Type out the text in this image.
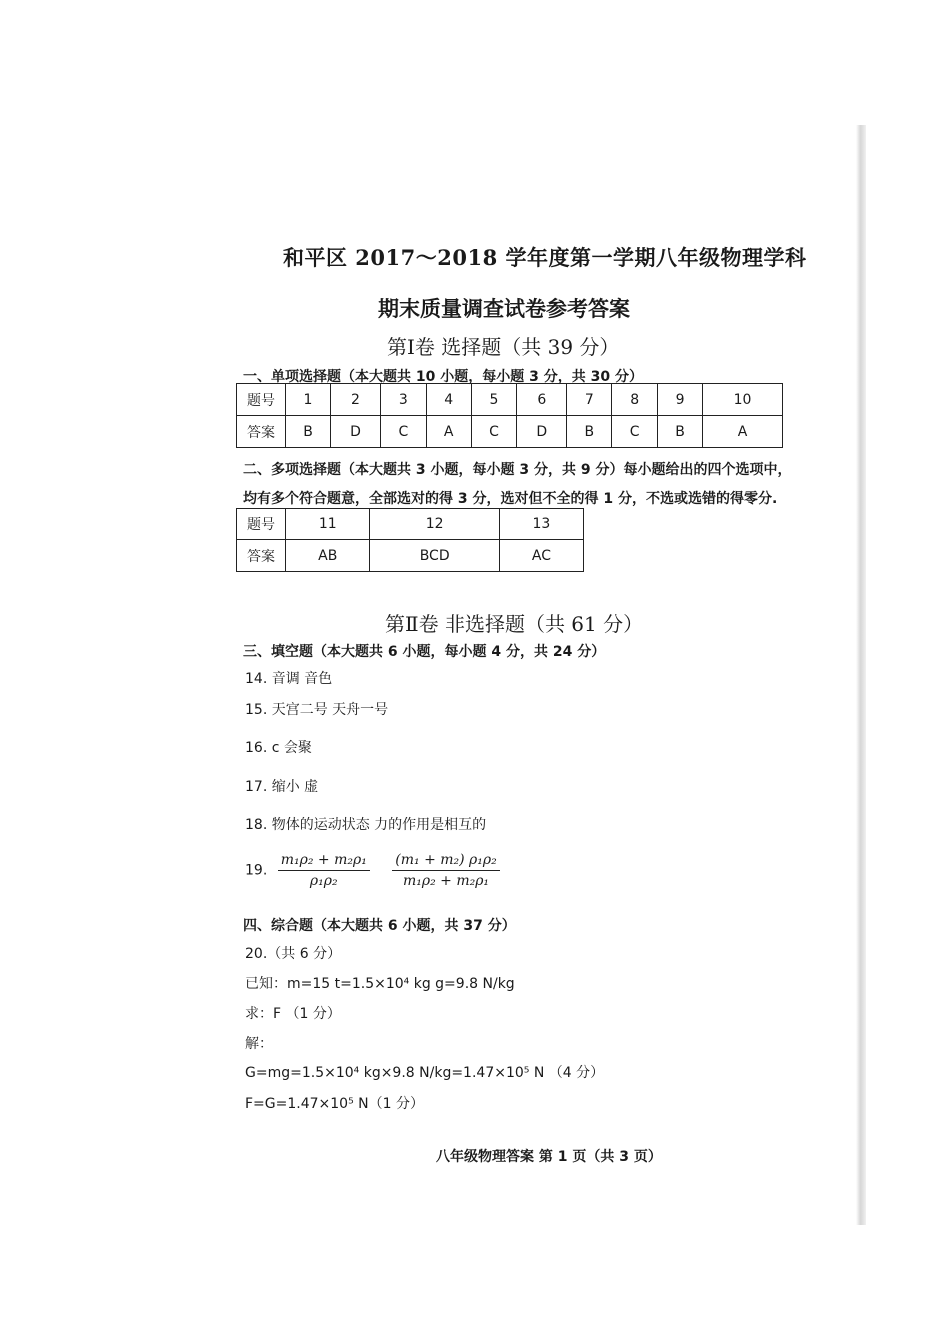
和平区 2017～2018 学年度第一学期八年级物理学科
期末质量调查试卷参考答案
第Ⅰ卷 选择题（共 39 分）
一、单项选择题（本大题共 10 小题，每小题 3 分，共 30 分）
题号	1	2	3	4	5	6	7	8	9	10
答案	B	D	C	A	C	D	B	C	B	A
二、多项选择题（本大题共 3 小题，每小题 3 分，共 9 分）每小题给出的四个选项中，
均有多个符合题意，全部选对的得 3 分，选对但不全的得 1 分，不选或选错的得零分.
题号	11	12	13
答案	AB	BCD	AC
第Ⅱ卷 非选择题（共 61 分）
三、填空题（本大题共 6 小题，每小题 4 分，共 24 分）
14. 音调 音色
15. 天宫二号 天舟一号
16. c 会聚
17. 缩小 虚
18. 物体的运动状态 力的作用是相互的
19. $\frac{\text{m₁ρ₂ + m₂ρ₁}}{\text{ρ₁ρ₂}}$
$\frac{\text{(m₁ + m₂) ρ₁ρ₂}}{\text{m₁ρ₂ + m₂ρ₁}}$
四、综合题（本大题共 6 小题，共 37 分）
20.（共 6 分）
已知：m=15 t=1.5×10⁴ kg g=9.8 N/kg
求：F （1 分）
解：
G=mg=1.5×10⁴ kg×9.8 N/kg=1.47×10⁵ N （4 分）
F=G=1.47×10⁵ N（1 分）
八年级物理答案 第 1 页（共 3 页）
